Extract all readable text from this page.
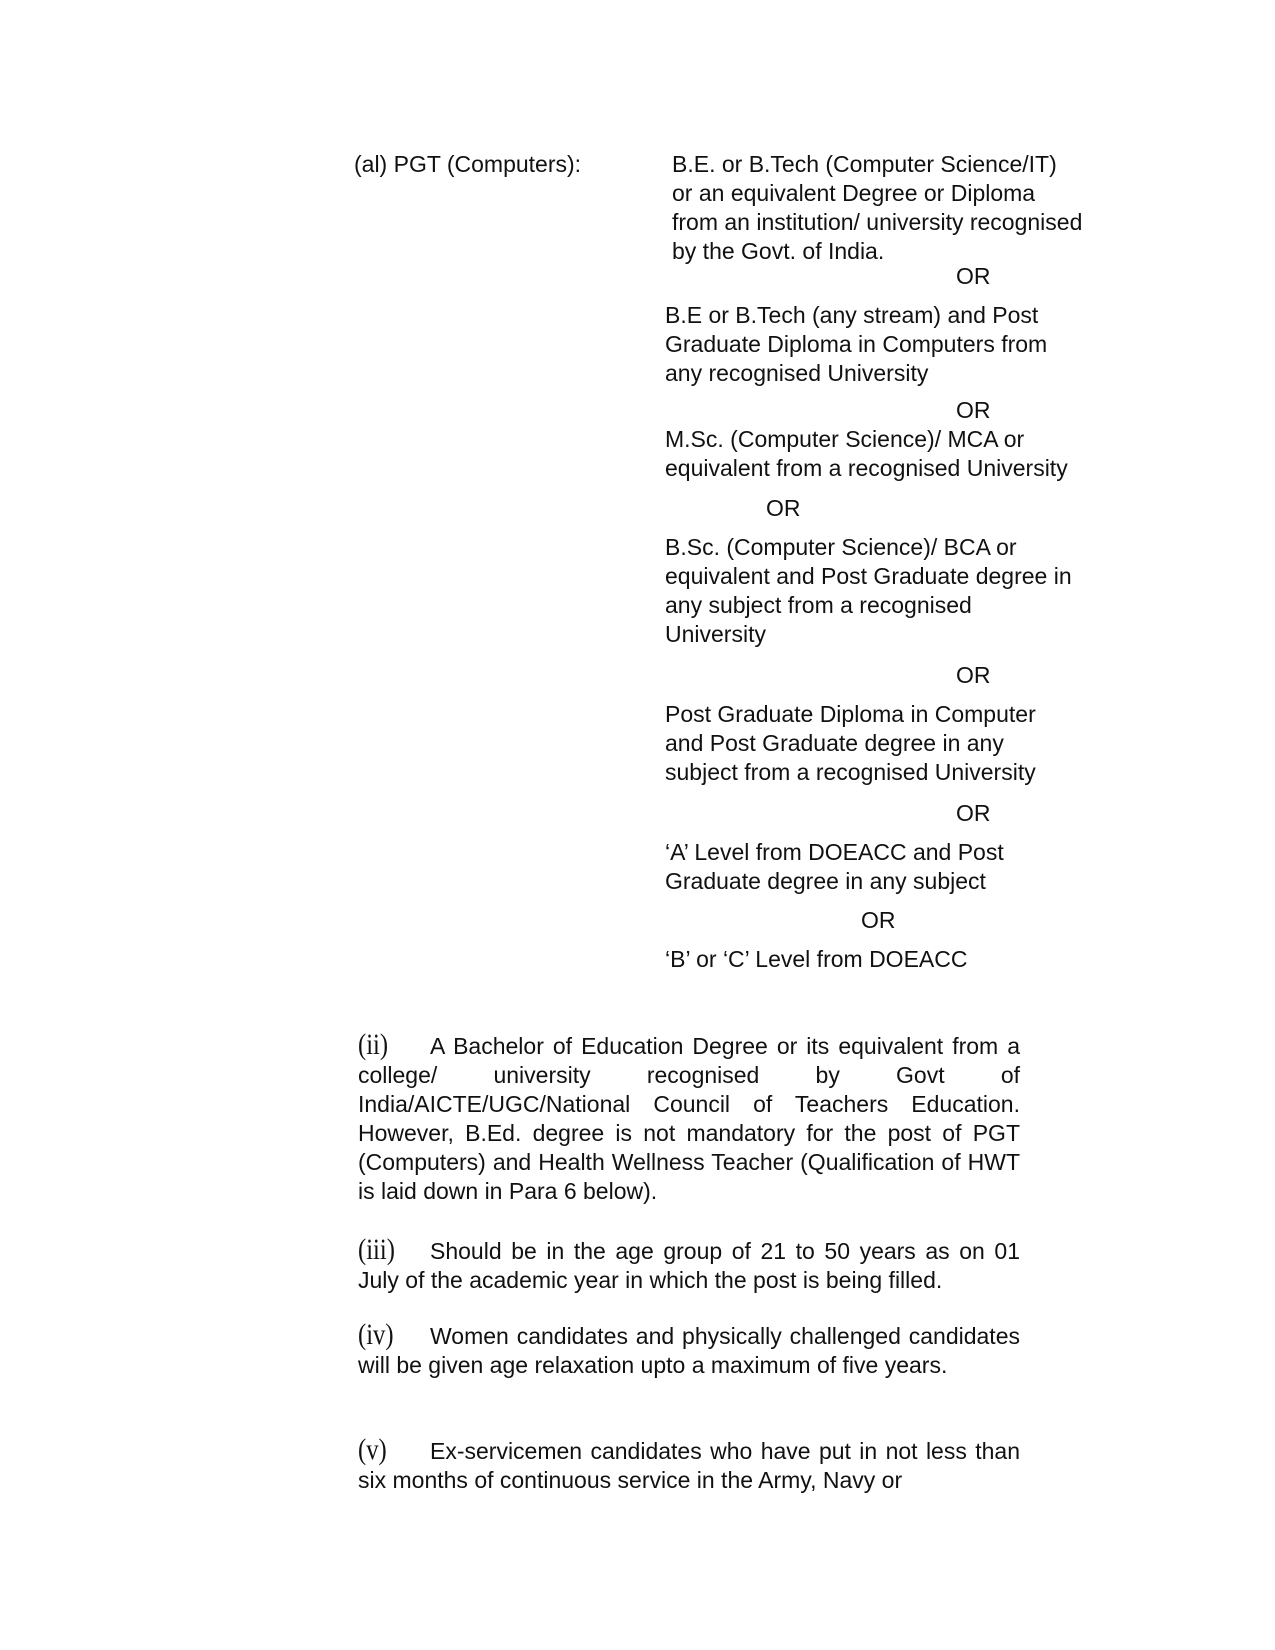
(al) PGT (Computers):	B.E. or B.Tech (Computer Science/IT)
or an equivalent Degree or Diploma
from an institution/ university recognised
by the Govt. of India.
OR
B.E or B.Tech (any stream) and Post
Graduate Diploma in Computers from
any recognised University
OR
M.Sc. (Computer Science)/ MCA or
equivalent from a recognised University
OR
B.Sc. (Computer Science)/ BCA or
equivalent and Post Graduate degree in
any subject from a recognised
University
OR
Post Graduate Diploma in Computer
and Post Graduate degree in any
subject from a recognised University
OR
‘A’ Level from DOEACC and Post
Graduate degree in any subject
OR
‘B’ or ‘C’ Level from DOEACC
(ii) A Bachelor of Education Degree or its equivalent from a college/ university recognised by Govt of India/AICTE/UGC/National Council of Teachers Education. However, B.Ed. degree is not mandatory for the post of PGT (Computers) and Health Wellness Teacher (Qualification of HWT is laid down in Para 6 below).
(iii) Should be in the age group of 21 to 50 years as on 01 July of the academic year in which the post is being filled.
(iv) Women candidates and physically challenged candidates will be given age relaxation upto a maximum of five years.
(v) Ex-servicemen candidates who have put in not less than six months of continuous service in the Army, Navy or
